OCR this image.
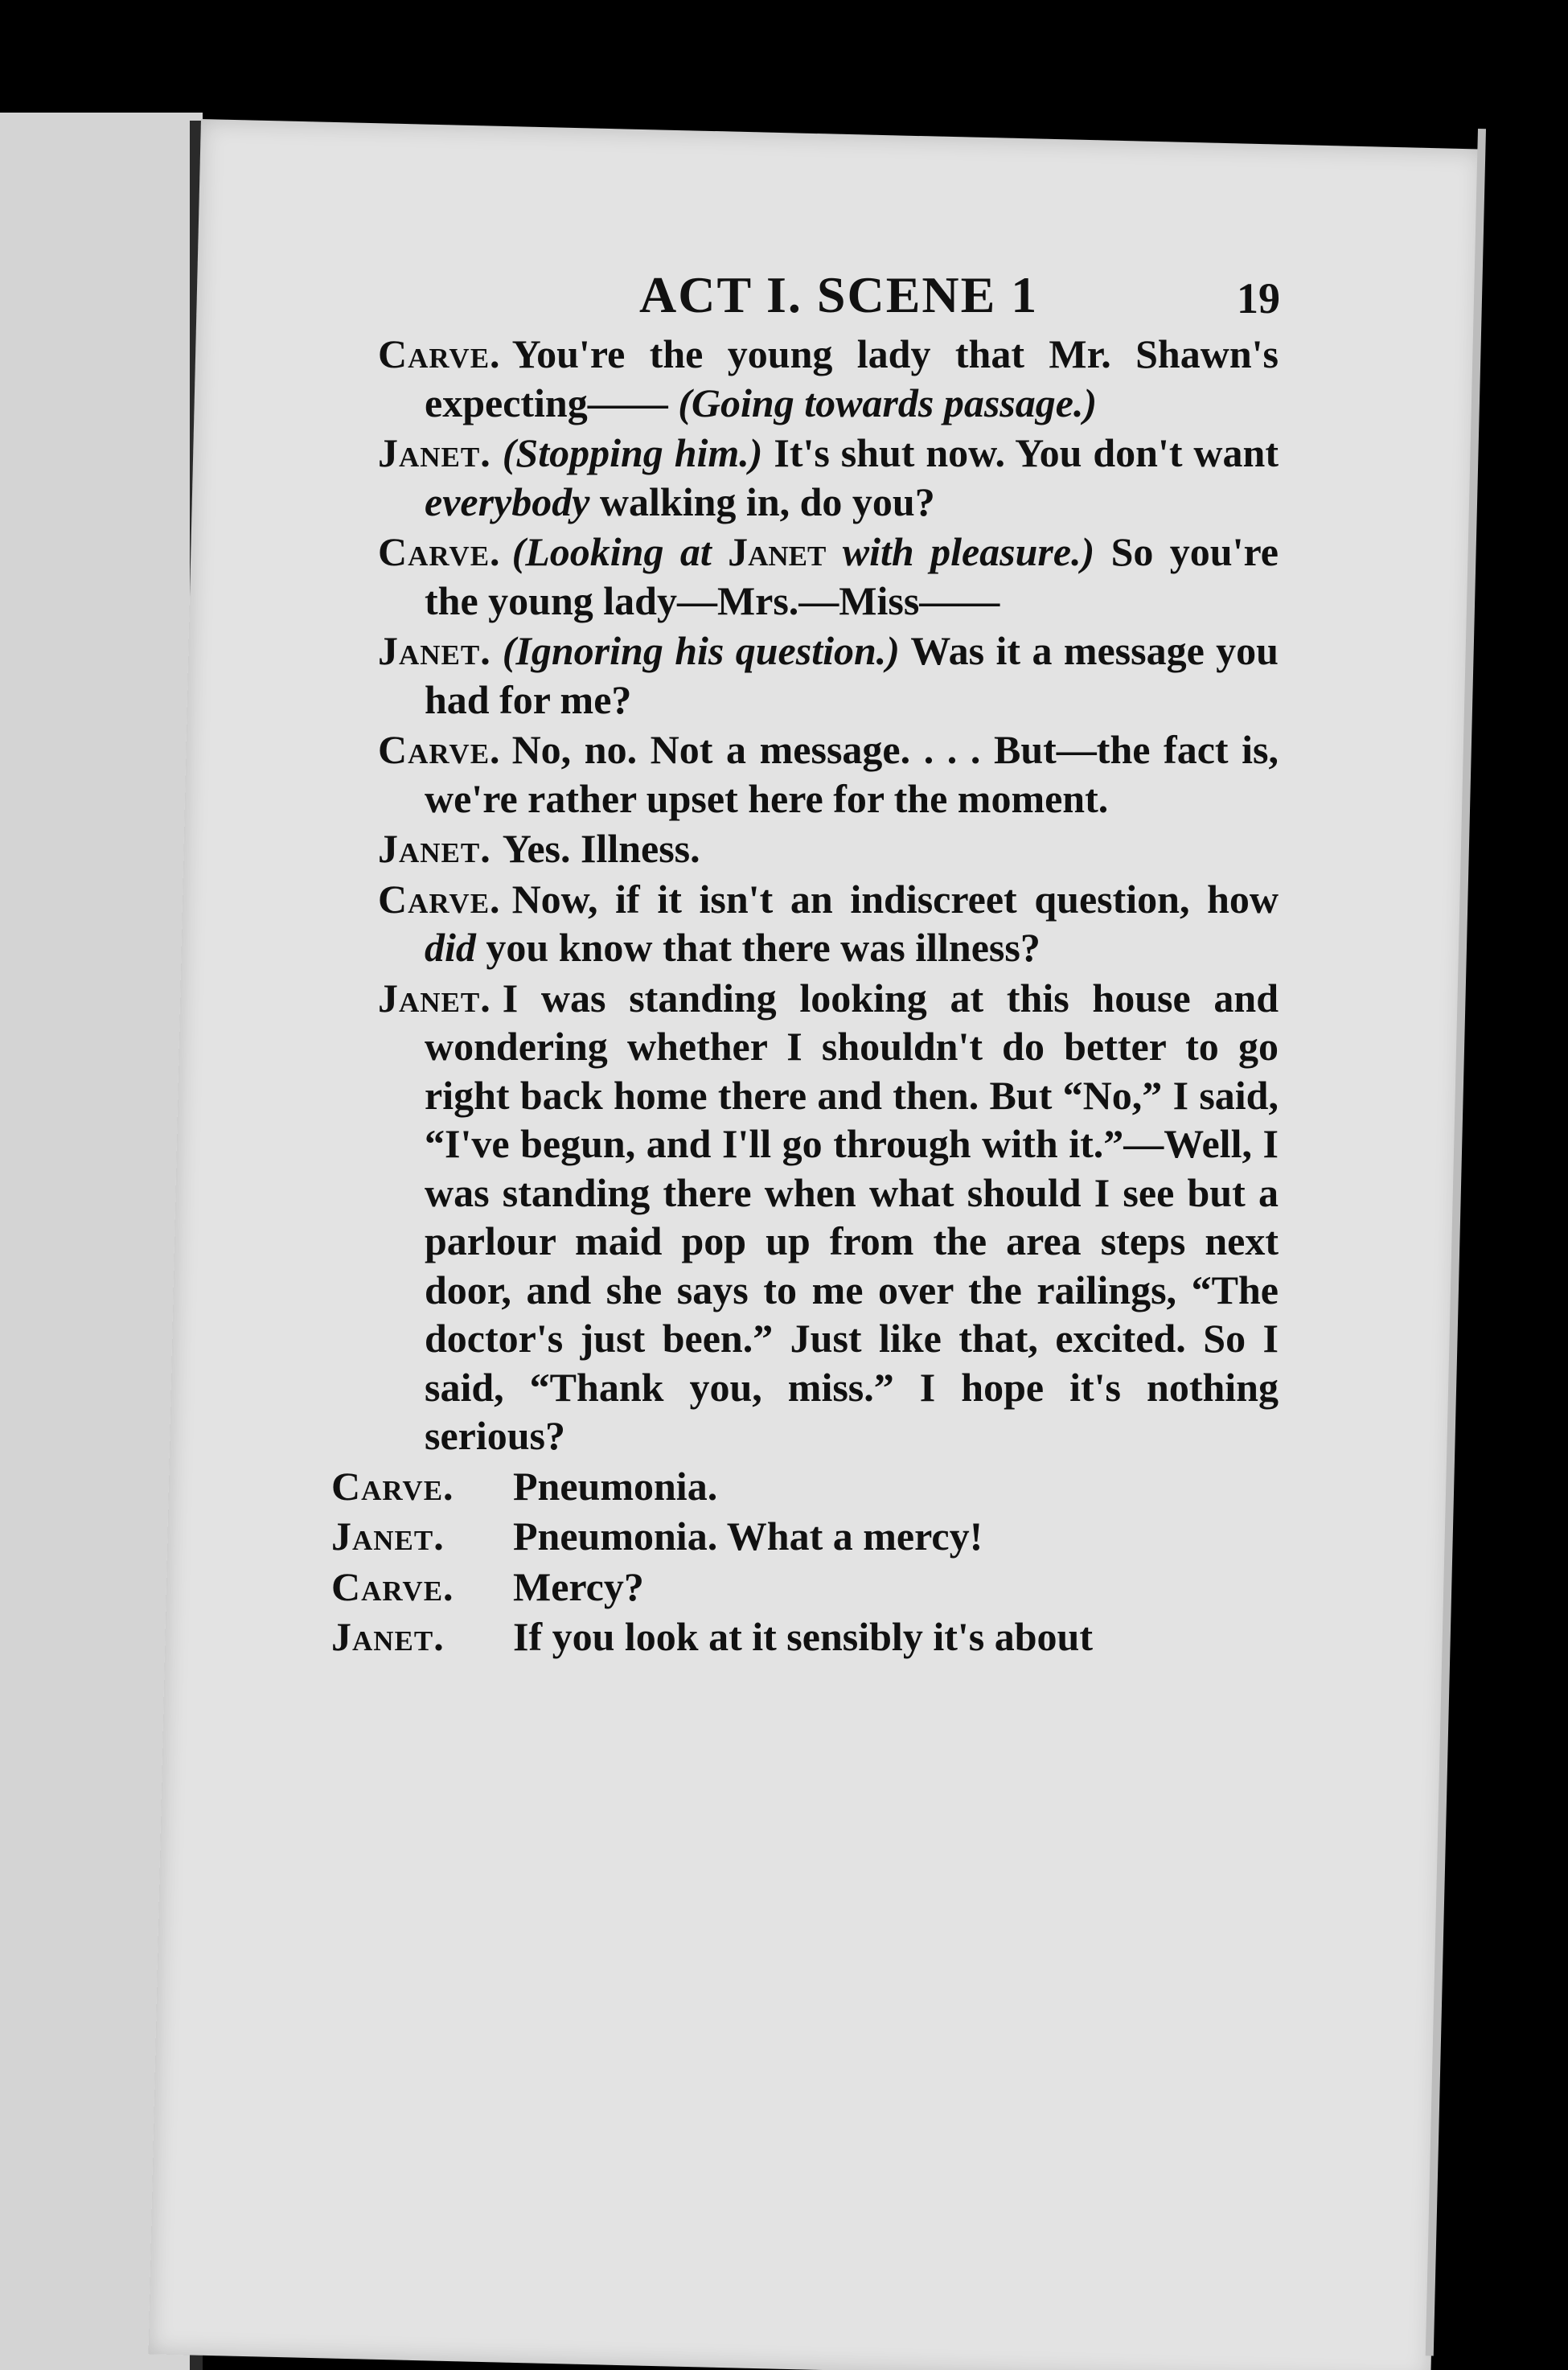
ACT I. SCENE 1	19

Carve. You're the young lady that Mr. Shawn's expecting—— (Going towards passage.)

Janet. (Stopping him.) It's shut now. You don't want everybody walking in, do you?

Carve. (Looking at Janet with pleasure.) So you're the young lady—Mrs.—Miss——

Janet. (Ignoring his question.) Was it a message you had for me?

Carve. No, no. Not a message. . . . But—the fact is, we're rather upset here for the moment.

Janet. Yes. Illness.

Carve. Now, if it isn't an indiscreet question, how did you know that there was illness?

Janet. I was standing looking at this house and wondering whether I shouldn't do better to go right back home there and then. But “No,” I said, “I've begun, and I'll go through with it.”—Well, I was standing there when what should I see but a parlour maid pop up from the area steps next door, and she says to me over the railings, “The doctor's just been.” Just like that, excited. So I said, “Thank you, miss.” I hope it's nothing serious?

Carve. Pneumonia.

Janet. Pneumonia. What a mercy!

Carve. Mercy?

Janet. If you look at it sensibly it's about
